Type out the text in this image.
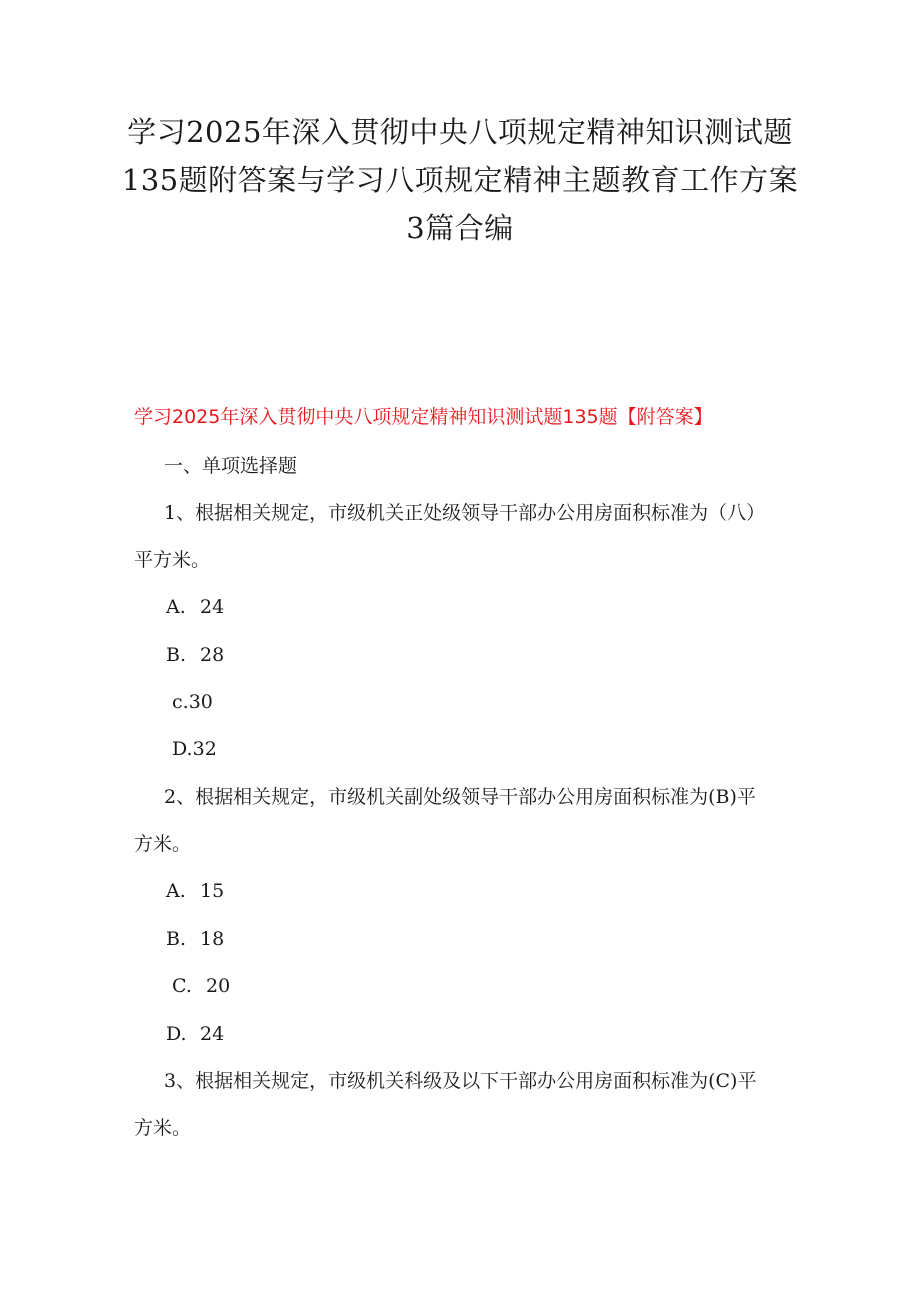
学习2025年深入贯彻中央八项规定精神知识测试题
135题附答案与学习八项规定精神主题教育工作方案
3篇合编
学习2025年深入贯彻中央八项规定精神知识测试题135题【附答案】
一、单项选择题
1、根据相关规定，市级机关正处级领导干部办公用房面积标准为（八）
平方米。
A. 24
B. 28
c.30
D.32
2、根据相关规定，市级机关副处级领导干部办公用房面积标准为(B)平
方米。
A. 15
B. 18
C. 20
D. 24
3、根据相关规定，市级机关科级及以下干部办公用房面积标准为(C)平
方米。
